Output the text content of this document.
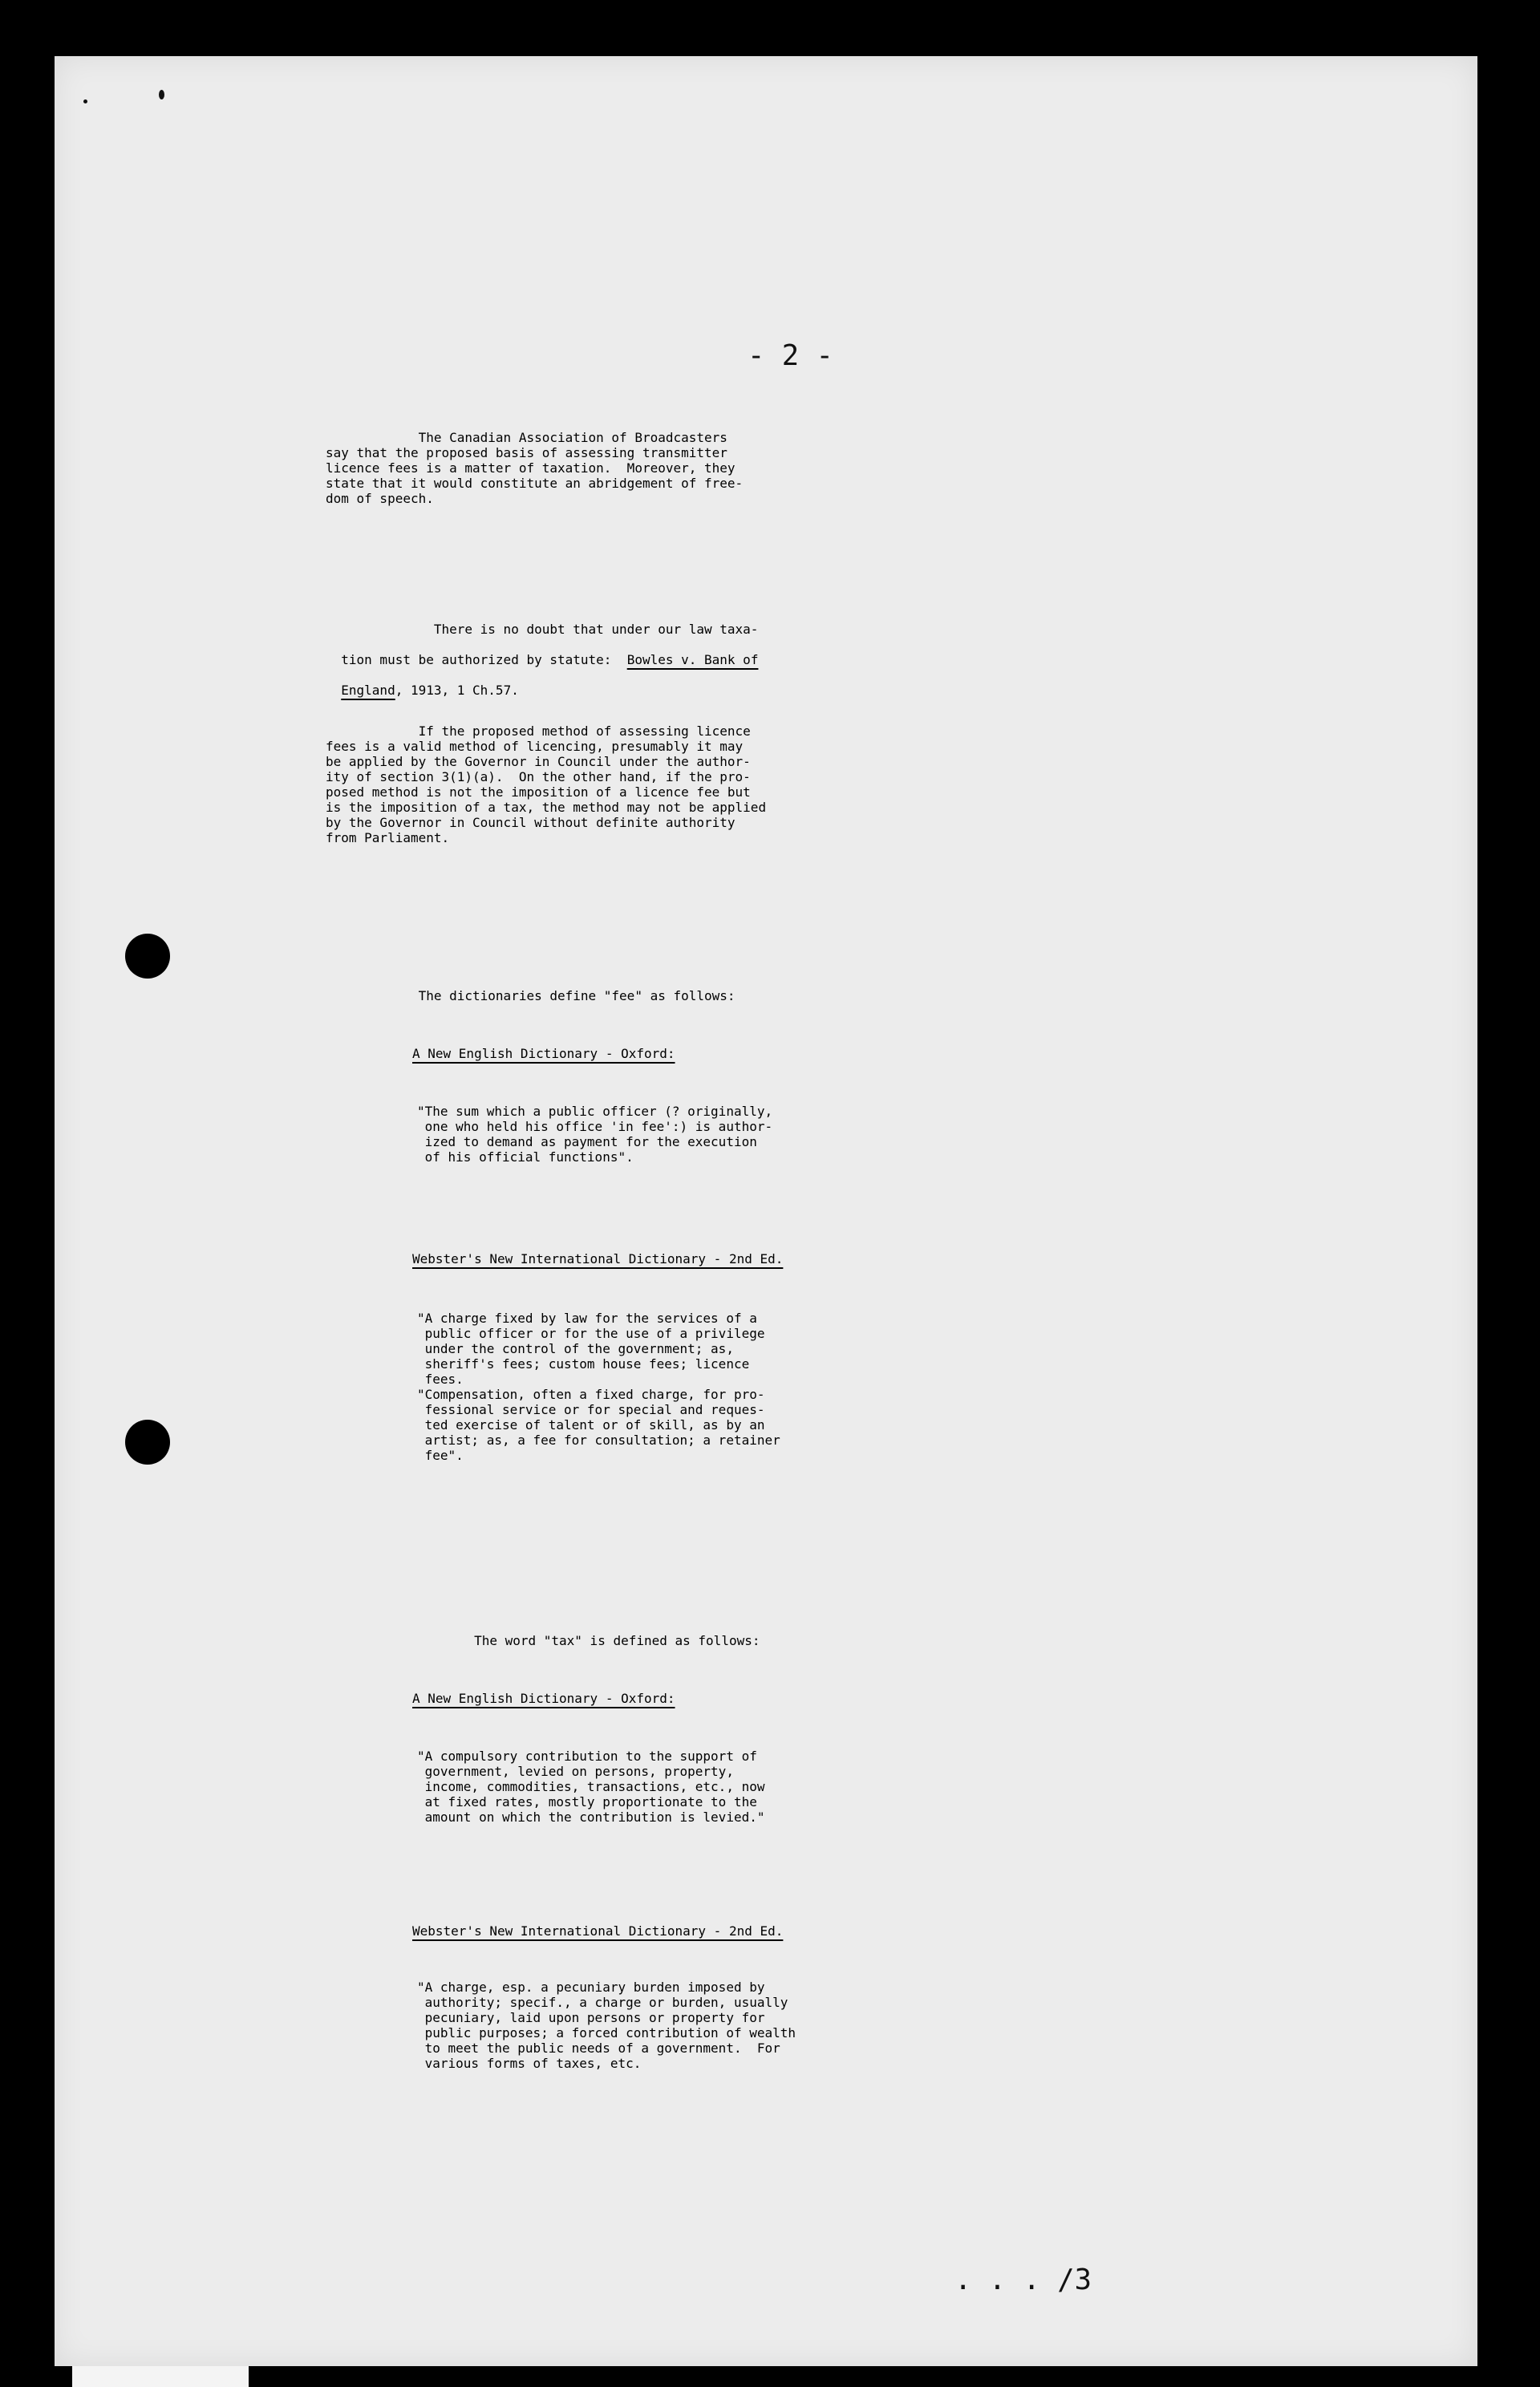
- 2 -
The Canadian Association of Broadcasters
say that the proposed basis of assessing transmitter
licence fees is a matter of taxation.  Moreover, they
state that it would constitute an abridgement of free-
dom of speech.

There is no doubt that under our law taxa-

tion must be authorized by statute:  Bowles v. Bank of

England, 1913, 1 Ch.57.

If the proposed method of assessing licence
fees is a valid method of licencing, presumably it may
be applied by the Governor in Council under the author-
ity of section 3(1)(a).  On the other hand, if the pro-
posed method is not the imposition of a licence fee but
is the imposition of a tax, the method may not be applied
by the Governor in Council without definite authority
from Parliament.
The dictionaries define "fee" as follows:
A New English Dictionary - Oxford:
"The sum which a public officer (? originally,
one who held his office 'in fee':) is author-
ized to demand as payment for the execution
of his official functions".
Webster's New International Dictionary - 2nd Ed.
"A charge fixed by law for the services of a
public officer or for the use of a privilege
under the control of the government; as,
sheriff's fees; custom house fees; licence
fees.
"Compensation, often a fixed charge, for pro-
fessional service or for special and reques-
ted exercise of talent or of skill, as by an
artist; as, a fee for consultation; a retainer
fee".
The word "tax" is defined as follows:
A New English Dictionary - Oxford:
"A compulsory contribution to the support of
government, levied on persons, property,
income, commodities, transactions, etc., now
at fixed rates, mostly proportionate to the
amount on which the contribution is levied."
Webster's New International Dictionary - 2nd Ed.
"A charge, esp. a pecuniary burden imposed by
authority; specif., a charge or burden, usually
pecuniary, laid upon persons or property for
public purposes; a forced contribution of wealth
to meet the public needs of a government.  For
various forms of taxes, etc.
. . . /3
